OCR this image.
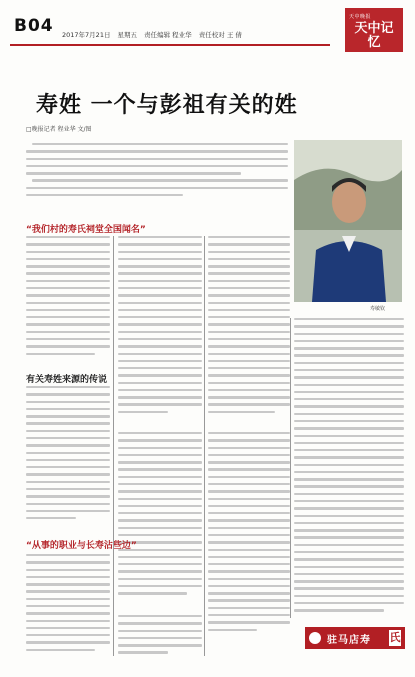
B04 2017年7月21日 星期五 责任编辑 程业华 责任校对 王 倩
天中晚报
天中记忆
寿姓 一个与彭祖有关的姓
□晚报记者 程业华 文/图
寿敏钦
“我们村的寿氏祠堂全国闻名”
有关寿姓来源的传说
“从事的职业与长寿沾些边”
驻马店寿 氏
